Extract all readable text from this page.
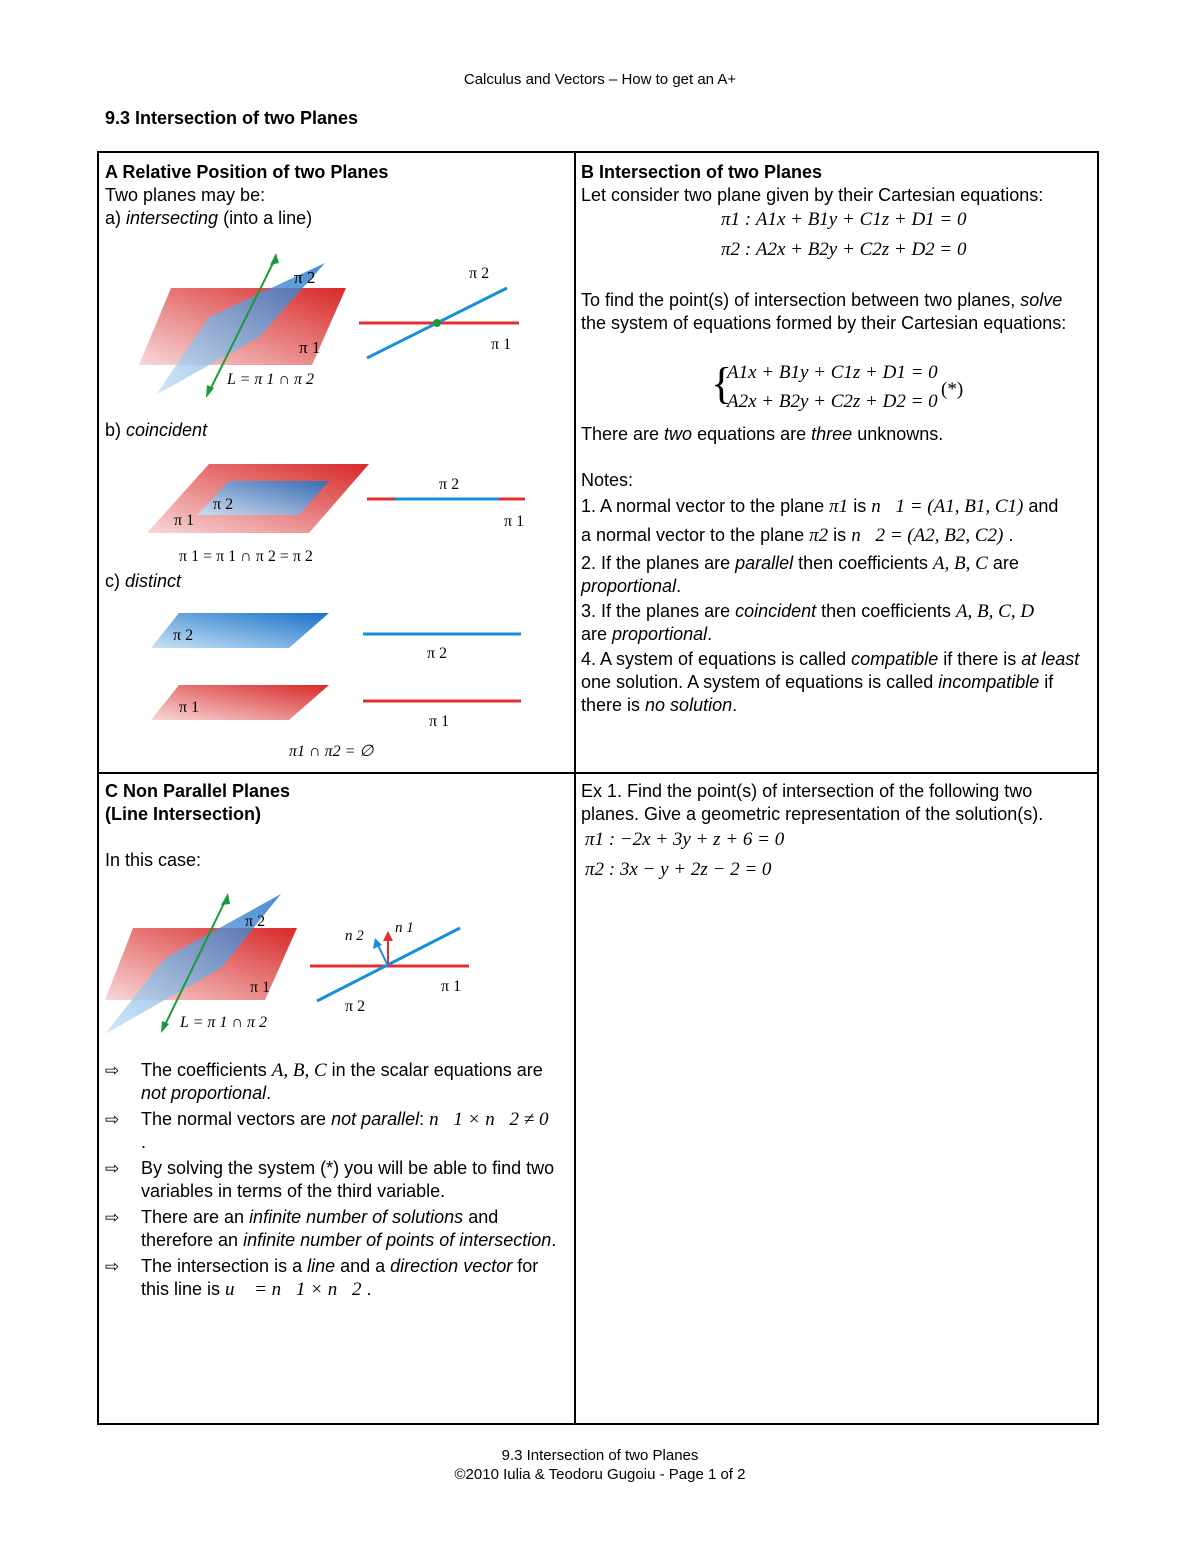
Calculus and Vectors – How to get an A+
9.3 Intersection of two Planes

A Relative Position of two Planes

Two planes may be:

a) intersecting (into a line)

π 2
π 1
L = π 1 ∩ π 2
π 2
π 1

b) coincident

π 2
π 1
π 1 = π 1 ∩ π 2 = π 2
π 2
π 1

c) distinct

π 2
π 1
π 2
π 1
π1 ∩ π2 = ∅

B Intersection of two Planes

Let consider two plane given by their Cartesian equations:

π1 : A1x + B1y + C1z + D1 = 0
π2 : A2x + B2y + C2z + D2 = 0

To find the point(s) of intersection between two planes, solve the system of equations formed by their Cartesian equations:

{
A1x + B1y + C1z + D1 = 0
A2x + B2y + C2z + D2 = 0
(*)

There are two equations are three unknowns.

Notes:

1. A normal vector to the plane π1 is n⃗1 = (A1, B1, C1) and
a normal vector to the plane π2 is n⃗2 = (A2, B2, C2) .

2. If the planes are parallel then coefficients A, B, C are
proportional.

3. If the planes are coincident then coefficients A, B, C, D
are proportional.

4. A system of equations is called compatible if there is at least one solution. A system of equations is called incompatible if there is no solution.

C Non Parallel Planes

(Line Intersection)

In this case:

π 2
π 1
L = π 1 ∩ π 2
n 2 n 1
π 1
π 2
⇨	The coefficients A, B, C in the scalar equations are not proportional.
⇨	The normal vectors are not parallel: n⃗1 × n⃗2 ≠ 0⃗ .
⇨	By solving the system (*) you will be able to find two variables in terms of the third variable.
⇨	There are an infinite number of solutions and therefore an infinite number of points of intersection.
⇨	The intersection is a line and a direction vector for this line is u⃗ = n⃗1 × n⃗2 .

Ex 1. Find the point(s) of intersection of the following two planes. Give a geometric representation of the solution(s).

π1 : −2x + 3y + z + 6 = 0
π2 : 3x − y + 2z − 2 = 0

9.3 Intersection of two Planes

©2010 Iulia & Teodoru Gugoiu - Page 1 of 2
